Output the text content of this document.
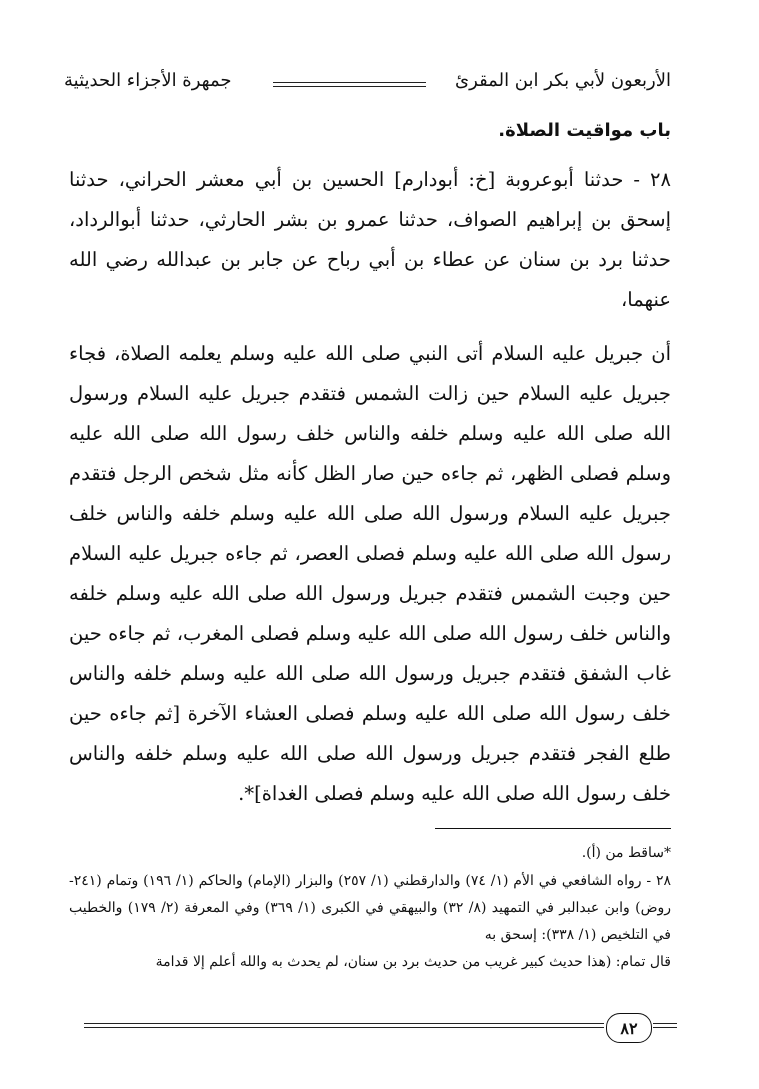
الأربعون لأبي بكر ابن المقرئ
جمهرة الأجزاء الحديثية
باب مواقيت الصلاة.
٢٨ - حدثنا أبوعروبة [خ: أبودارم] الحسين بن أبي معشر الحراني، حدثنا إسحق بن إبراهيم الصواف، حدثنا عمرو بن بشر الحارثي، حدثنا أبوالرداد، حدثنا برد بن سنان عن عطاء بن أبي رباح عن جابر بن عبدالله رضي الله عنهما،
أن جبريل عليه السلام أتى النبي صلى الله عليه وسلم يعلمه الصلاة، فجاء جبريل عليه السلام حين زالت الشمس فتقدم جبريل عليه السلام ورسول الله صلى الله عليه وسلم خلفه والناس خلف رسول الله صلى الله عليه وسلم فصلى الظهر، ثم جاءه حين صار الظل كأنه مثل شخص الرجل فتقدم جبريل عليه السلام ورسول الله صلى الله عليه وسلم خلفه والناس خلف رسول الله صلى الله عليه وسلم فصلى العصر، ثم جاءه جبريل عليه السلام حين وجبت الشمس فتقدم جبريل ورسول الله صلى الله عليه وسلم خلفه والناس خلف رسول الله صلى الله عليه وسلم فصلى المغرب، ثم جاءه حين غاب الشفق فتقدم جبريل ورسول الله صلى الله عليه وسلم خلفه والناس خلف رسول الله صلى الله عليه وسلم فصلى العشاء الآخرة [ثم جاءه حين طلع الفجر فتقدم جبريل ورسول الله صلى الله عليه وسلم خلفه والناس خلف رسول الله صلى الله عليه وسلم فصلى الغداة]*.
*ساقط من (أ).
٢٨ - رواه الشافعي في الأم (١/ ٧٤) والدارقطني (١/ ٢٥٧) والبزار (الإمام) والحاكم (١/ ١٩٦) وتمام (٢٤١-روض) وابن عبدالبر في التمهيد (٨/ ٣٢) والبيهقي في الكبرى (١/ ٣٦٩) وفي المعرفة (٢/ ١٧٩) والخطيب في التلخيص (١/ ٣٣٨): إسحق به
قال تمام: (هذا حديث كبير غريب من حديث برد بن سنان، لم يحدث به والله أعلم إلا قدامة
٨٢
